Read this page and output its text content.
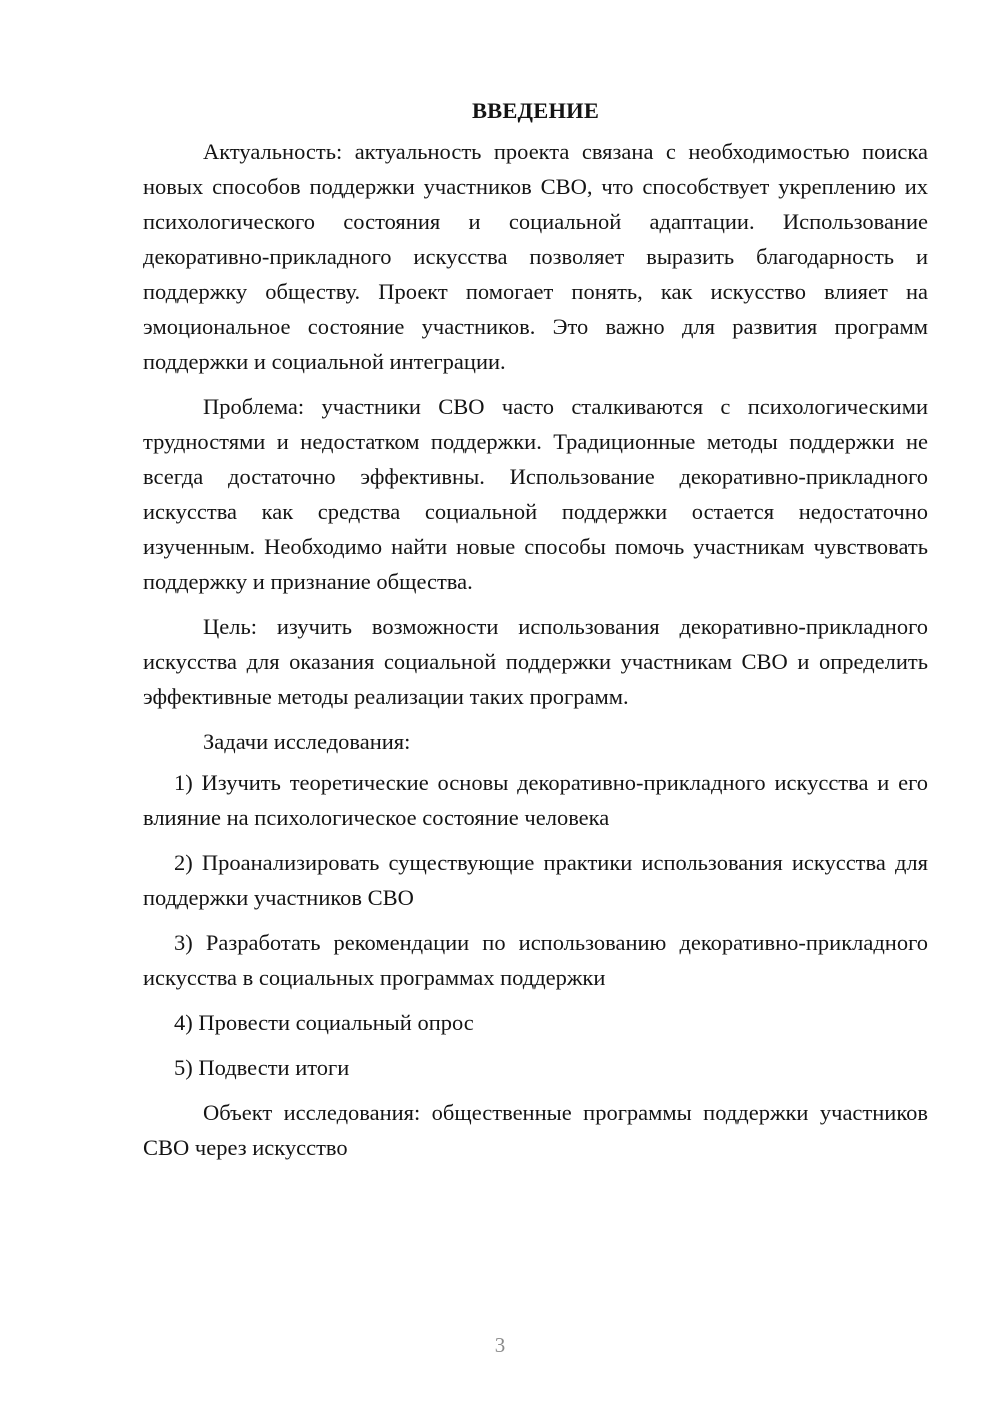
ВВЕДЕНИЕ

Актуальность: актуальность проекта связана с необходимостью поиска новых способов поддержки участников СВО, что способствует укреплению их психологического состояния и социальной адаптации. Использование декоративно-прикладного искусства позволяет выразить благодарность и поддержку обществу. Проект помогает понять, как искусство влияет на эмоциональное состояние участников. Это важно для развития программ поддержки и социальной интеграции.

Проблема: участники СВО часто сталкиваются с психологическими трудностями и недостатком поддержки. Традиционные методы поддержки не всегда достаточно эффективны. Использование декоративно-прикладного искусства как средства социальной поддержки остается недостаточно изученным. Необходимо найти новые способы помочь участникам чувствовать поддержку и признание общества.

Цель: изучить возможности использования декоративно-прикладного искусства для оказания социальной поддержки участникам СВО и определить эффективные методы реализации таких программ.

Задачи исследования:

1) Изучить теоретические основы декоративно-прикладного искусства и его влияние на психологическое состояние человека

2) Проанализировать существующие практики использования искусства для поддержки участников СВО

3) Разработать рекомендации по использованию декоративно-прикладного искусства в социальных программах поддержки

4) Провести социальный опрос

5) Подвести итоги

Объект исследования: общественные программы поддержки участников СВО через искусство

3
